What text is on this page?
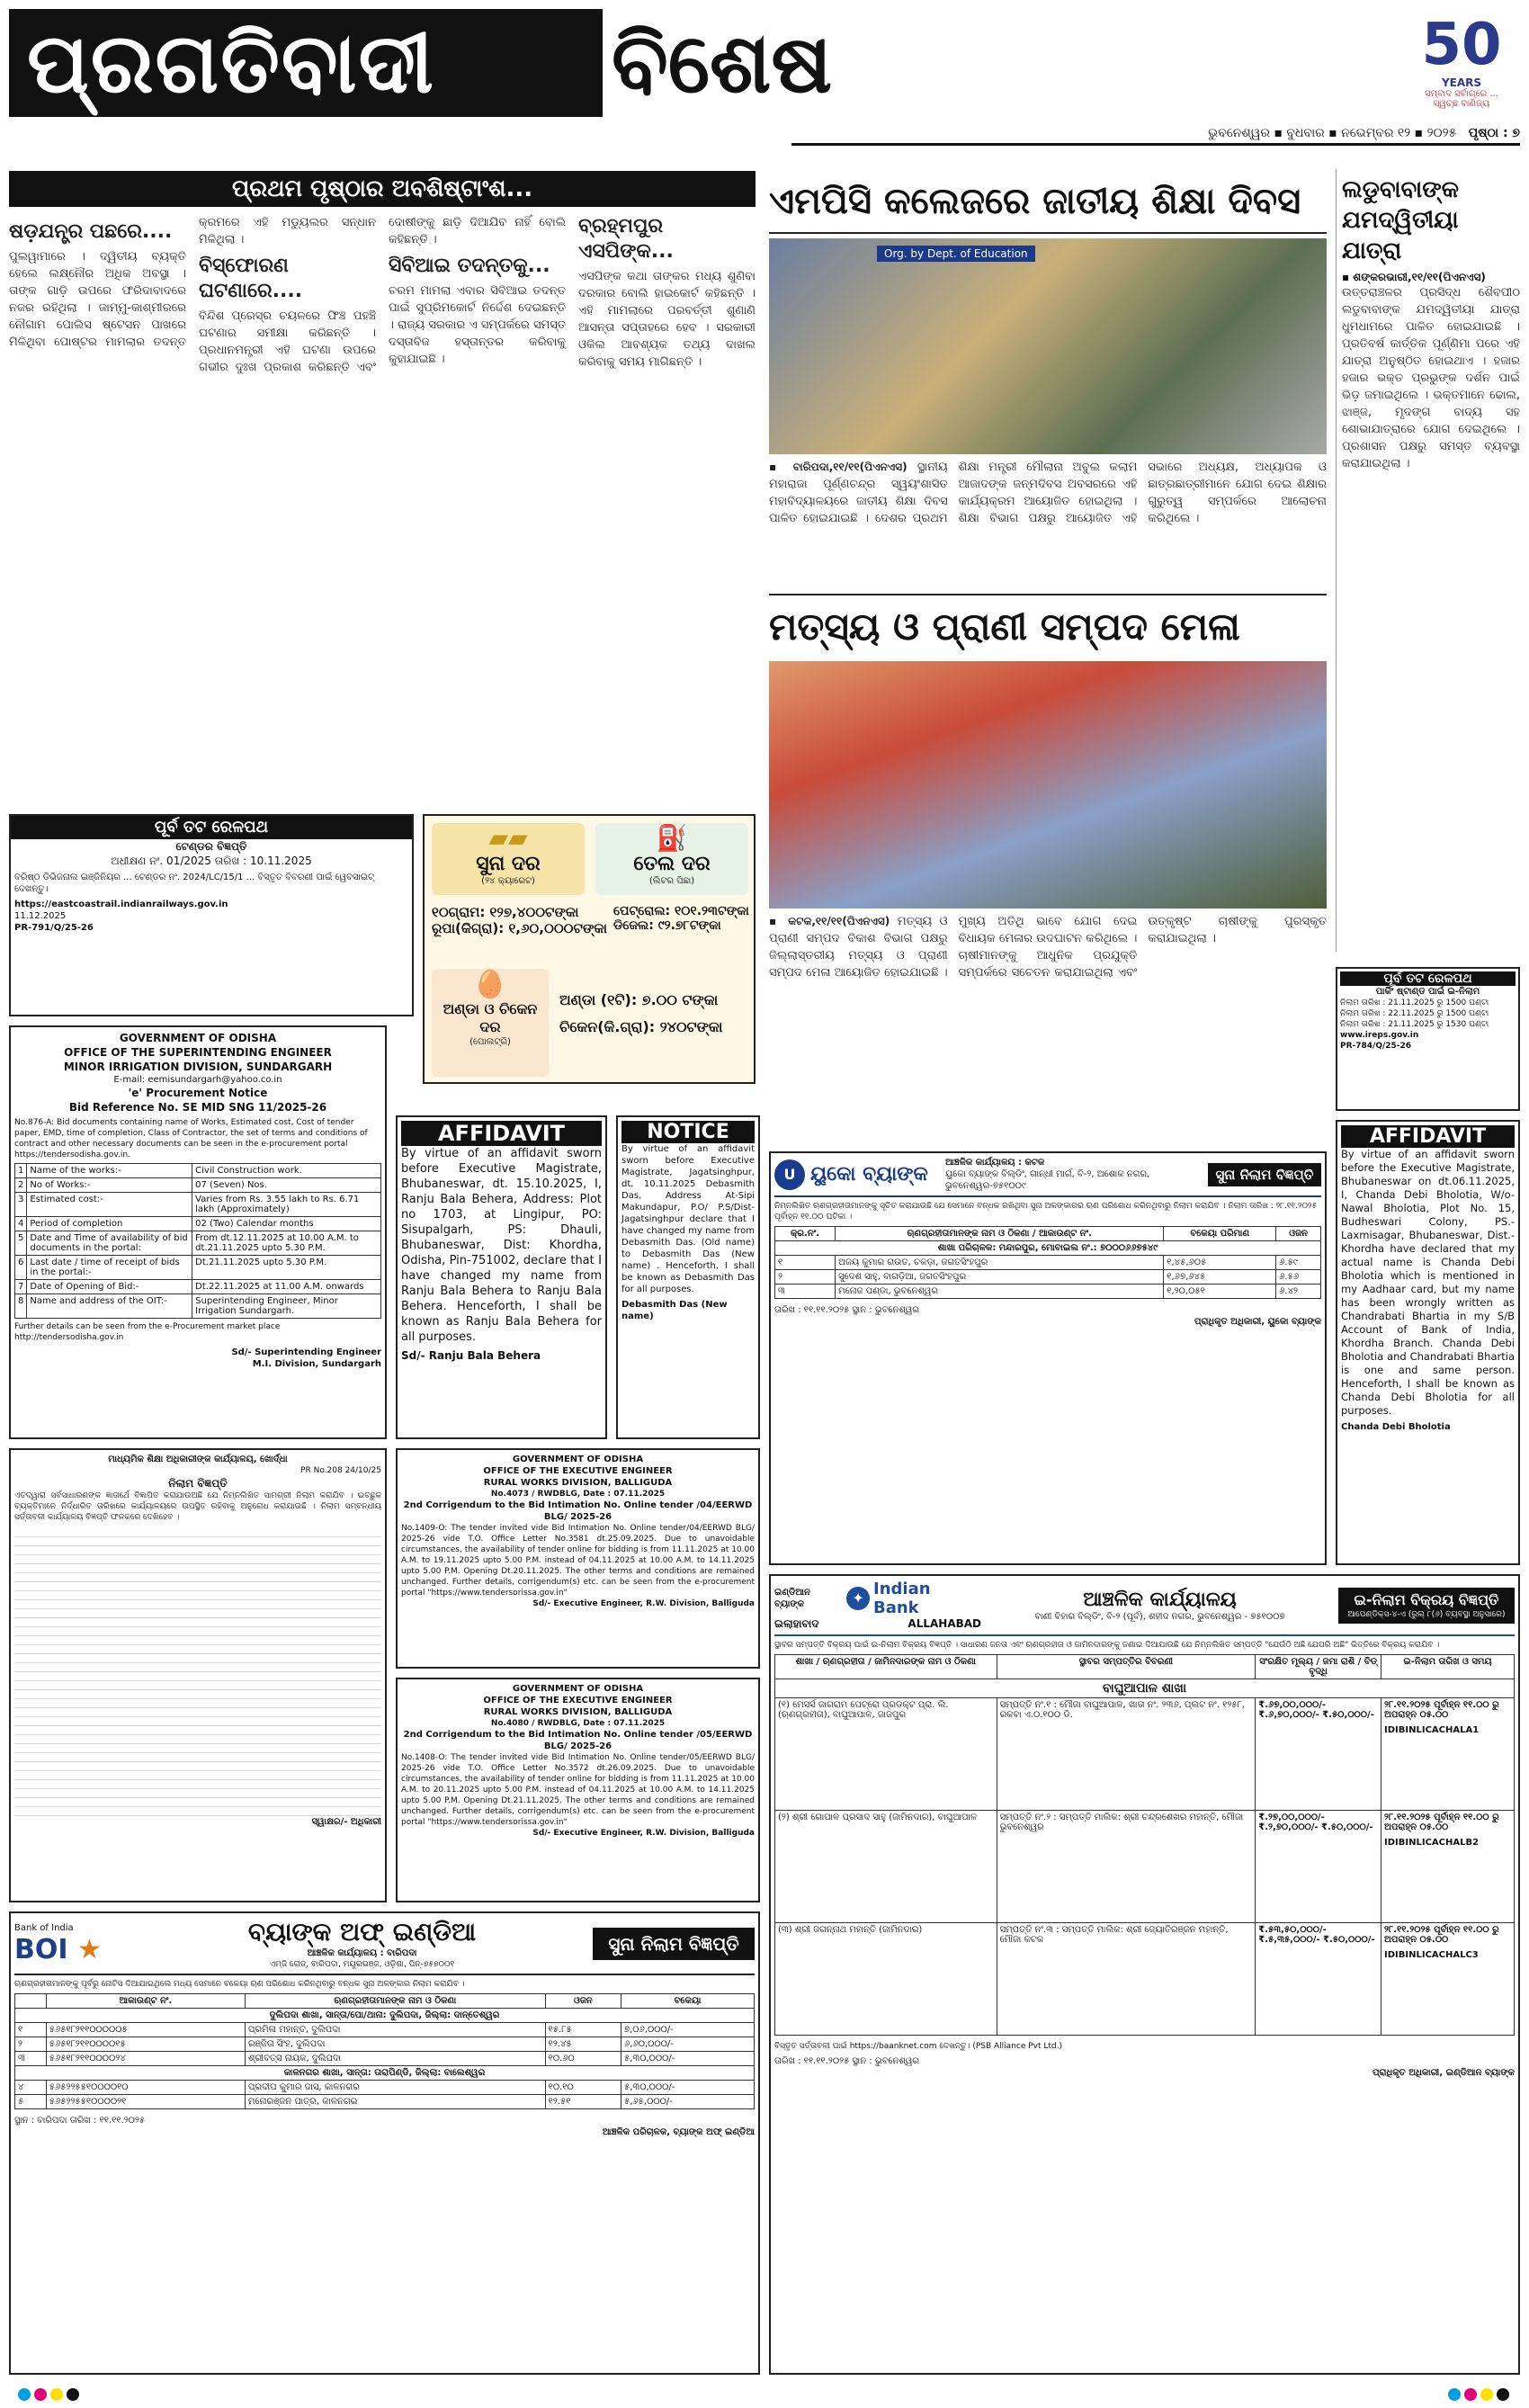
ପ୍ରଗତିବାଦୀ	ବିଶେଷ	50
YEARS
ସମ୍ବାଦ ସର୍ବାଗ୍ରେ ... ସ୍ୱଚ୍ଛ ବାଣିଜ୍ୟ
ଭୁବନେଶ୍ୱର ▪ ବୁଧବାର ▪ ନଭେମ୍ବର ୧୨ ▪ ୨୦୨୫ ପୃଷ୍ଠା : ୭
ପ୍ରଥମ ପୃଷ୍ଠାର ଅବଶିଷ୍ଟାଂଶ...
ଷଡ଼ଯନ୍ତ୍ର ପଛରେ....

ପୁଲୱାମାରେ । ଦ୍ୱିତୀୟ ବ୍ୟକ୍ତି ହେଲେ ଲକ୍ଷ୍ନୌର ଅଧିକ ଅବସ୍ଥା । ତାଙ୍କ ଗାଡ଼ି ଉପରେ ଫରିଦାବାଦରେ ନଜର ରହିଥିଲା । ଜାମ୍ମୁ-କାଶ୍ମୀରରେ ନୌଗାମ ପୋଲିସ ଷ୍ଟେସନ ପାଖରେ ମିଳିଥିବା ପୋଷ୍ଟର ମାମଲାର ତଦନ୍ତ କ୍ରମରେ ଏହି ମଡ୍ୟୁଲର ସନ୍ଧାନ ମିଳିଥିଲା ।

ବିସ୍ଫୋରଣ ଘଟଣାରେ....

ବିନ୍ଦିଶ ପ୍ରେସ୍‌ର ଚୟଳରେ ଫିଞ୍ଚ ପହଞ୍ଚି ଘଟଣାର ସମୀକ୍ଷା କରିଛନ୍ତି । ପ୍ରଧାନମନ୍ତ୍ରୀ ଏହି ଘଟଣା ଉପରେ ଗଭୀର ଦୁଃଖ ପ୍ରକାଶ କରିଛନ୍ତି ଏବଂ ଦୋଷୀଙ୍କୁ ଛାଡ଼ି ଦିଆଯିବ ନାହିଁ ବୋଲି କହିଛନ୍ତି ।

ସିବିଆଇ ତଦନ୍ତକୁ...

ଚରମ ମାମଲା ଏବାର ସିବିଆଇ ତଦନ୍ତ ପାଇଁ ସୁପ୍ରିମକୋର୍ଟ ନିର୍ଦ୍ଦେଶ ଦେଇଛନ୍ତି । ରାଜ୍ୟ ସରକାର ଏ ସମ୍ପର୍କରେ ସମସ୍ତ ଦସ୍ତାବିଜ ହସ୍ତାନ୍ତର କରିବାକୁ କୁହାଯାଇଛି ।

ବ୍ରହ୍ମପୁର ଏସପିଙ୍କ...

ଏସପିଙ୍କ କଥା ତାଙ୍କର ମଧ୍ୟ ଶୁଣିବା ଦରକାର ବୋଲି ହାଇକୋର୍ଟ କହିଛନ୍ତି । ଏହି ମାମଲାରେ ପରବର୍ତ୍ତୀ ଶୁଣାଣି ଆସନ୍ତା ସପ୍ତାହରେ ହେବ । ସରକାରୀ ଓକିଲ ଆବଶ୍ୟକ ତଥ୍ୟ ଦାଖଲ କରିବାକୁ ସମୟ ମାଗିଛନ୍ତି ।

ଏମପିସି କଲେଜରେ ଜାତୀୟ ଶିକ୍ଷା ଦିବସ
Org. by Dept. of Education
▪ ବାରିପଦା,୧୧/୧୧(ପିଏନଏସ) ସ୍ଥାନୀୟ ମହାରାଜା ପୂର୍ଣ୍ଣଚନ୍ଦ୍ର ସ୍ୱୟଂଶାସିତ ମହାବିଦ୍ୟାଳୟରେ ଜାତୀୟ ଶିକ୍ଷା ଦିବସ ପାଳିତ ହୋଇଯାଇଛି । ଦେଶର ପ୍ରଥମ ଶିକ୍ଷା ମନ୍ତ୍ରୀ ମୌଲାନା ଅବୁଲ କଲାମ ଆଜାଦଙ୍କ ଜନ୍ମଦିବସ ଅବସରରେ ଏହି କାର୍ଯ୍ୟକ୍ରମ ଆୟୋଜିତ ହୋଇଥିଲା । ଶିକ୍ଷା ବିଭାଗ ପକ୍ଷରୁ ଆୟୋଜିତ ଏହି ସଭାରେ ଅଧ୍ୟକ୍ଷ, ଅଧ୍ୟାପକ ଓ ଛାତ୍ରଛାତ୍ରୀମାନେ ଯୋଗ ଦେଇ ଶିକ୍ଷାର ଗୁରୁତ୍ୱ ସମ୍ପର୍କରେ ଆଲୋଚନା କରିଥିଲେ ।
ଲଡୁବାବାଙ୍କ ଯମଦ୍ୱିତୀୟା ଯାତ୍ରା
▪ ଶଙ୍କରଭାରୀ,୧୧/୧୧(ପିଏନଏସ)
ଉତ୍ତରାଞ୍ଚଳର ପ୍ରସିଦ୍ଧ ଶୈବପୀଠ ଲଡୁବାବାଙ୍କ ଯମଦ୍ୱିତୀୟା ଯାତ୍ରା ଧୁମଧାମରେ ପାଳିତ ହୋଇଯାଇଛି । ପ୍ରତିବର୍ଷ କାର୍ତ୍ତିକ ପୂର୍ଣ୍ଣିମା ପରେ ଏହି ଯାତ୍ରା ଅନୁଷ୍ଠିତ ହୋଇଥାଏ । ହଜାର ହଜାର ଭକ୍ତ ପ୍ରଭୁଙ୍କ ଦର୍ଶନ ପାଇଁ ଭିଡ଼ ଜମାଇଥିଲେ । ଭକ୍ତମାନେ ଢୋଲ, ଝାଞ୍ଜ, ମୃଦଙ୍ଗ ବାଦ୍ୟ ସହ ଶୋଭାଯାତ୍ରାରେ ଯୋଗ ଦେଇଥିଲେ । ପ୍ରଶାସନ ପକ୍ଷରୁ ସମସ୍ତ ବ୍ୟବସ୍ଥା କରାଯାଇଥିଲା ।
ମତ୍ସ୍ୟ ଓ ପ୍ରାଣୀ ସମ୍ପଦ ମେଳା
▪ କଟକ,୧୧/୧୧(ପିଏନଏସ) ମତ୍ସ୍ୟ ଓ ପ୍ରାଣୀ ସମ୍ପଦ ବିକାଶ ବିଭାଗ ପକ୍ଷରୁ ଜିଲ୍ଲାସ୍ତରୀୟ ମତ୍ସ୍ୟ ଓ ପ୍ରାଣୀ ସମ୍ପଦ ମେଳା ଆୟୋଜିତ ହୋଇଯାଇଛି । ମୁଖ୍ୟ ଅତିଥି ଭାବେ ଯୋଗ ଦେଇ ବିଧାୟକ ମେଳାର ଉଦଘାଟନ କରିଥିଲେ । ଚାଷୀମାନଙ୍କୁ ଆଧୁନିକ ପ୍ରଯୁକ୍ତି ସମ୍ପର୍କରେ ସଚେତନ କରାଯାଇଥିଲା ଏବଂ ଉତ୍କୃଷ୍ଟ ଚାଷୀଙ୍କୁ ପୁରସ୍କୃତ କରାଯାଇଥିଲା ।
▰▰
ସୁନା ଦର
(୨୪ କ୍ୟାରେଟ)
⛽
ତେଲ ଦର
(ଲିଟର ପିଛା)
୧୦ଗ୍ରାମ: ୧୨୭,୪୦୦ଟଙ୍କା
ରୂପା(କିଗ୍ରା): ୧,୬୦,୦୦୦ଟଙ୍କା
ପେଟ୍ରୋଲ: ୧୦୧.୨୩ଟଙ୍କା
ଡିଜେଲ: ୯୨.୭୮ଟଙ୍କା
🥚
ଅଣ୍ଡା ଓ ଚିକେନ ଦର
(ପୋଲଟ୍ରି)
ଅଣ୍ଡା (୧ଟି): ୭.୦୦ ଟଙ୍କା
ଚିକେନ(କି.ଗ୍ରା): ୨୪୦ଟଙ୍କା
ପୂର୍ବ ତଟ ରେଳପଥ
ଟେଣ୍ଡର ବିଜ୍ଞପ୍ତି
ଅଧୀକ୍ଷଣ ନଂ. 01/2025 ତାରିଖ : 10.11.2025
ବରିଷ୍ଠ ଡିଭିଜନାଲ ଇଞ୍ଜିନିୟର ... ଟେଣ୍ଡର ନଂ. 2024/LC/15/1 ... ବିସ୍ତୃତ ବିବରଣୀ ପାଇଁ ୱେବସାଇଟ୍‌ ଦେଖନ୍ତୁ।
https://eastcoastrail.indianrailways.gov.in
11.12.2025
PR-791/Q/25-26
GOVERNMENT OF ODISHA
OFFICE OF THE SUPERINTENDING ENGINEER
MINOR IRRIGATION DIVISION, SUNDARGARH
E-mail: eemisundargarh@yahoo.co.in
'e' Procurement Notice
Bid Reference No. SE MID SNG 11/2025-26
No.876-A: Bid documents containing name of Works, Estimated cost, Cost of tender paper, EMD, time of completion, Class of Contractor, the set of terms and conditions of contract and other necessary documents can be seen in the e-procurement portal https://tendersodisha.gov.in.
1	Name of the works:-	Civil Construction work.
2	No of Works:-	07 (Seven) Nos.
3	Estimated cost:-	Varies from Rs. 3.55 lakh to Rs. 6.71 lakh (Approximately)
4	Period of completion	02 (Two) Calendar months
5	Date and Time of availability of bid documents in the portal:	From dt.12.11.2025 at 10.00 A.M. to dt.21.11.2025 upto 5.30 P.M.
6	Last date / time of receipt of bids in the portal:-	Dt.21.11.2025 upto 5.30 P.M.
7	Date of Opening of Bid:-	Dt.22.11.2025 at 11.00 A.M. onwards
8	Name and address of the OIT:-	Superintending Engineer, Minor Irrigation Sundargarh.
Further details can be seen from the e-Procurement market place http://tendersodisha.gov.in
Sd/- Superintending Engineer
M.I. Division, Sundargarh
AFFIDAVIT
By virtue of an affidavit sworn before Executive Magistrate, Bhubaneswar, dt. 15.10.2025, I, Ranju Bala Behera, Address: Plot no 1703, at Lingipur, PO: Sisupalgarh, PS: Dhauli, Bhubaneswar, Dist: Khordha, Odisha, Pin-751002, declare that I have changed my name from Ranju Bala Behera to Ranju Bala Behera. Henceforth, I shall be known as Ranju Bala Behera for all purposes.
Sd/- Ranju Bala Behera
NOTICE
By virtue of an affidavit sworn before Executive Magistrate, Jagatsinghpur, dt. 10.11.2025 Debasmith Das, Address At-Sipi Makundapur, P.O/ P.S/Dist-Jagatsinghpur declare that I have changed my name from Debasmith Das. (Old name) to Debasmith Das (New name) . Henceforth, I shall be known as Debasmith Das for all purposes.
Debasmith Das (New name)
U ୟୁକୋ ବ୍ୟାଙ୍କ
ଆଞ୍ଚଳିକ କାର୍ଯ୍ୟାଳୟ : କଟକ
ୟୁକୋ ବ୍ୟାଙ୍କ ବିଲ୍ଡିଂ, ଗାନ୍ଧୀ ମାର୍ଗ, ବି-୨, ଅଶୋକ ନଗର, ଭୁବନେଶ୍ୱର-୭୫୧୦୦୯
ସୁନା ନିଲାମ ବିଜ୍ଞପ୍ତି
ନିମ୍ନଲିଖିତ ଋଣଗ୍ରହୀତାମାନଙ୍କୁ ସୂଚିତ କରାଯାଉଛି ଯେ ସେମାନେ ବନ୍ଧକ ରଖିଥିବା ସୁନା ଅଳଙ୍କାରର ଋଣ ପରିଶୋଧ କରିନଥିବାରୁ ନିଲାମ କରାଯିବ । ନିଲାମ ତାରିଖ : ୨୮.୧୧.୨୦୨୫ ପୂର୍ବାହ୍ନ ୧୧.୦୦ ଘଟିକା ।
କ୍ର.ନଂ.	ଋଣଗ୍ରହୀତାମାନଙ୍କ ନାମ ଓ ଠିକଣା / ଆକାଉଣ୍ଟ ନଂ.	ବକେୟା ପରିମାଣ	ଓଜନ
ଶାଖା ପରିଚାଳକ: ମନ୍ଦାରପୁର, ମୋବାଇଲ ନଂ.: ୭୦୦୦୬୬୭୫୪୯			
୧	ଅଜୟ କୁମାର ରାଉତ, ଚକଡ଼ା, ଜଗତସିଂହପୁର	୧,୪୫,୬୦୫	୬.୫୯
୨	ସୁଦେଶ ସାହୁ, ବାଗଡ଼ିଆ, ଜଗତସିଂହପୁର	୧,୬୭,୬୪୫	୬.୫୬
୩	ମନୋଜ ପଣ୍ଡା, ଭୁବନେଶ୍ୱର	୧,୨୦,୦୫୧	୬.୪୨
ତାରିଖ : ୧୧.୧୧.୨୦୨୫ ସ୍ଥାନ : ଭୁବନେଶ୍ୱର
ପ୍ରାଧିକୃତ ଅଧିକାରୀ, ୟୁକୋ ବ୍ୟାଙ୍କ
ପୂର୍ବ ତଟ ରେଳପଥ
ପାର୍କିଂ ଷ୍ଟାଣ୍ଡ ପାଇଁ ଇ-ନିଲାମ
ନିଲାମ ତାରିଖ : 21.11.2025 ରୁ 1500 ଘଣ୍ଟା
ନିଲାମ ତାରିଖ : 22.11.2025 ରୁ 1500 ଘଣ୍ଟା
ନିଲାମ ତାରିଖ : 21.11.2025 ରୁ 1530 ଘଣ୍ଟା
www.ireps.gov.in
PR-784/Q/25-26
AFFIDAVIT
By virtue of an affidavit sworn before the Executive Magistrate, Bhubaneswar on dt.06.11.2025, I, Chanda Debi Bholotia, W/o-Nawal Bholotia, Plot No. 15, Budheswari Colony, PS.-Laxmisagar, Bhubaneswar, Dist.- Khordha have declared that my actual name is Chanda Debi Bholotia which is mentioned in my Aadhaar card, but my name has been wrongly written as Chandrabati Bhartia in my S/B Account of Bank of India, Khordha Branch. Chanda Debi Bholotia and Chandrabati Bhartia is one and same person. Henceforth, I shall be known as Chanda Debi Bholotia for all purposes.
Chanda Debi Bholotia
ମାଧ୍ୟମିକ ଶିକ୍ଷା ଅଧିକାରୀଙ୍କ କାର୍ଯ୍ୟାଳୟ, ଖୋର୍ଦ୍ଧା
PR No.208 24/10/25
ନିଲାମ ବିଜ୍ଞପ୍ତି
ଏତଦ୍ୱାରା ସର୍ବସାଧାରଣଙ୍କ ଜ୍ଞାତାର୍ଥେ ବିଜ୍ଞାପିତ କରାଯାଉଅଛି ଯେ ନିମ୍ନଲିଖିତ ସାମଗ୍ରୀ ନିଲାମ କରାଯିବ । ଇଚ୍ଛୁକ ବ୍ୟକ୍ତିମାନେ ନିର୍ଦ୍ଧାରିତ ତାରିଖରେ କାର୍ଯ୍ୟାଳୟରେ ଉପସ୍ଥିତ ରହିବାକୁ ଅନୁରୋଧ କରାଯାଉଛି । ନିଲାମ ସମ୍ବନ୍ଧୀୟ ସର୍ତ୍ତାବଳୀ କାର୍ଯ୍ୟାଳୟ ବିଜ୍ଞପ୍ତି ଫଳକରେ ଦେଖିହେବ ।
ସ୍ୱାକ୍ଷର/- ଅଧିକାରୀ
GOVERNMENT OF ODISHA
OFFICE OF THE EXECUTIVE ENGINEER
RURAL WORKS DIVISION, BALLIGUDA
No.4073 / RWDBLG, Date : 07.11.2025
2nd Corrigendum to the Bid Intimation No. Online tender /04/EERWD BLG/ 2025-26
No.1409-O: The tender invited vide Bid Intimation No. Online tender/04/EERWD BLG/ 2025-26 vide T.O. Office Letter No.3581 dt.25.09.2025. Due to unavoidable circumstances, the availability of tender online for bidding is from 11.11.2025 at 10.00 A.M. to 19.11.2025 upto 5.00 P.M. instead of 04.11.2025 at 10.00 A.M. to 14.11.2025 upto 5.00 P.M. Opening Dt.20.11.2025. The other terms and conditions are remained unchanged. Further details, corrigendum(s) etc. can be seen from the e-procurement portal "https://www.tendersorissa.gov.in"
Sd/- Executive Engineer, R.W. Division, Balliguda
GOVERNMENT OF ODISHA
OFFICE OF THE EXECUTIVE ENGINEER
RURAL WORKS DIVISION, BALLIGUDA
No.4080 / RWDBLG, Date : 07.11.2025
2nd Corrigendum to the Bid Intimation No. Online tender /05/EERWD BLG/ 2025-26
No.1408-O: The tender invited vide Bid Intimation No. Online tender/05/EERWD BLG/ 2025-26 vide T.O. Office Letter No.3572 dt.26.09.2025. Due to unavoidable circumstances, the availability of tender online for bidding is from 11.11.2025 at 10.00 A.M. to 20.11.2025 upto 5.00 P.M. instead of 04.11.2025 at 10.00 A.M. to 14.11.2025 upto 5.00 P.M. Opening Dt.21.11.2025. The other terms and conditions are remained unchanged. Further details, corrigendum(s) etc. can be seen from the e-procurement portal "https://www.tendersorissa.gov.in"
Sd/- Executive Engineer, R.W. Division, Balliguda
Bank of India
BOI ★
ବ୍ୟାଙ୍କ ଅଫ୍ ଇଣ୍ଡିଆ
ଆଞ୍ଚଳିକ କାର୍ଯ୍ୟାଳୟ : ବାରିପଦା
ଏମ୍‌ଜି ରୋଡ୍, ବାରିପଦା, ମୟୂରଭଞ୍ଜ, ଓଡ଼ିଶା, ପିନ୍-୭୫୭୦୦୧
ସୁନା ନିଲାମ ବିଜ୍ଞପ୍ତି
ଋଣଗ୍ରହୀତାମାନଙ୍କୁ ପୂର୍ବରୁ ନୋଟିସ ଦିଆଯାଇଥିଲେ ମଧ୍ୟ ସେମାନେ ବକେୟା ଋଣ ପରିଶୋଧ କରିନଥିବାରୁ ବନ୍ଧକ ସୁନା ଅଳଙ୍କାର ନିଲାମ କରାଯିବ ।
	ଆକାଉଣ୍ଟ ନଂ.	ଋଣଗ୍ରହୀତାମାନଙ୍କ ନାମ ଓ ଠିକଣା	ଓଜନ	ବକେୟା
ଦୁଲିପଦା ଶାଖା, ସାନ୍ତା/ପୋ/ଥାନା: ଦୁଲିପଦା, ଜିଲ୍ଲା: ଦାନ୍ତେଶ୍ୱର				
୧	୫୬୫୧୮୨୧୧୦୦୦୦୦୫	ପ୍ରମିଳା ମହାନ୍ତ, ଦୁଲିପଦା	୧୫.୮୫	୭,୦୬,୦୦୦/-
୨	୫୬୫୧୮୨୧୧୦୦୦୦୧୫	ରଞ୍ଜିତା ସିଂହ, ଦୁଲିପଦା	୧୨.୪୫	୬,୬୦,୦୦୦/-
୩	୫୬୫୧୮୨୧୧୦୦୦୦୨୪	ଶ୍ରୀବତ୍ସ ନାୟକ, ଦୁଲିପଦା	୧୦.୬୦	୫,୩୦,୦୦୦/-
କାଳନଗର ଶାଖା, ସାନ୍ତା: ତାରାପିଣ୍ଡି, ଜିଲ୍ଲା: ବାଲେଶ୍ୱର				
୪	୫୬୫୨୨୫୫୧୦୦୦୦୧୦	ପ୍ରଦୀପ କୁମାର ଦାସ, କାଳନଗର	୧୦.୧୦	୫,୩୦,୦୦୦/-
୫	୫୬୫୨୨୫୫୧୦୦୦୦୨୧	ମନୋରଞ୍ଜନ ପାତ୍ର, କାଳନଗର	୧୨.୫୧	୫,୬୫,୦୦୦/-
ସ୍ଥାନ : ବାରିପଦା ତାରିଖ : ୧୧.୧୧.୨୦୨୫
ଆଞ୍ଚଳିକ ପରିଚାଳକ, ବ୍ୟାଙ୍କ ଅଫ୍ ଇଣ୍ଡିଆ
ଇଣ୍ଡିଆନ ବ୍ୟାଙ୍କ	✦ Indian Bank
ଇଲାହାବାଦ	ALLAHABAD
ଆଞ୍ଚଳିକ କାର୍ଯ୍ୟାଳୟ
ବାଣୀ ବିହାର ବିଲ୍ଡିଂ, ବି-୨ (ପୂର୍ବ), ଶହୀଦ ନଗର, ଭୁବନେଶ୍ୱର - ୭୫୧୦୦୭
ଇ-ନିଲାମ ବିକ୍ରୟ ବିଜ୍ଞପ୍ତି
ଆପେଣ୍ଡିକ୍ସ-୪-ଏ (ରୁଲ୍ ୮(୬) ବ୍ୟବସ୍ଥା ଅନୁସାରେ)
ସ୍ଥାବର ସମ୍ପତ୍ତି ବିକ୍ରୟ ପାଇଁ ଇ-ନିଲାମ ବିକ୍ରୟ ବିଜ୍ଞପ୍ତି । ସାଧାରଣ ଜନତା ଏବଂ ଋଣଗ୍ରହୀତା ଓ ଜାମିନଦାରଙ୍କୁ ଜଣାଇ ଦିଆଯାଉଛି ଯେ ନିମ୍ନଲିଖିତ ସମ୍ପତ୍ତି "ଯେଉଁଠି ଅଛି ଯେପରି ଅଛି" ଭିତ୍ତିରେ ବିକ୍ରୟ କରାଯିବ ।
ଶାଖା / ଋଣଗ୍ରହୀତା / ଜାମିନଦାରଙ୍କ ନାମ ଓ ଠିକଣା	ସ୍ଥାବର ସମ୍ପତ୍ତିର ବିବରଣୀ	ସଂରକ୍ଷିତ ମୂଲ୍ୟ / ଜମା ରାଶି / ବିଡ୍ ବୃଦ୍ଧି	ଇ-ନିଲାମ ତାରିଖ ଓ ସମୟ
ବାଘୁଆପାଳ ଶାଖା			
(୧) ମେସର୍ସ ଜାଗରାମ ପେଟ୍ରୋ ପ୍ରଡକ୍ଟ ପ୍ରା. ଲି. (ଋଣଗ୍ରହୀତା), ବାଘୁଆପାଳ, ଜାଜପୁର	ସମ୍ପତ୍ତି ନଂ.୧ : ମୌଜା ବାଘୁଆପାଳ, ଖାତା ନଂ. ୨୩୬, ପ୍ଲଟ ନଂ. ୧୨୫୮, ରକବା ଏ.୦.୧୦୦ ଡି.	₹.୬୭,୦୦,୦୦୦/- ₹.୬,୭୦,୦୦୦/- ₹.୫୦,୦୦୦/-	୨୮.୧୧.୨୦୨୫ ପୂର୍ବାହ୍ନ ୧୧.୦୦ ରୁ ଅପରାହ୍ନ ୦୫.୦୦
IDIBINLICACHALA1

(୨) ଶ୍ରୀ ଗୋପାଳ ପ୍ରସାଦ ସାହୁ (ଜାମିନଦାର), ବାଘୁଆପାଳ	ସମ୍ପତ୍ତି ନଂ.୨ : ସମ୍ପତ୍ତି ମାଲିକ: ଶ୍ରୀ ଚନ୍ଦ୍ରଶେଖର ମହାନ୍ତି, ମୌଜା ଭୁବନେଶ୍ୱର	₹.୨୭,୦୦,୦୦୦/- ₹.୨,୭୦,୦୦୦/- ₹.୫୦,୦୦୦/-	୨୮.୧୧.୨୦୨୫ ପୂର୍ବାହ୍ନ ୧୧.୦୦ ରୁ ଅପରାହ୍ନ ୦୫.୦୦
IDIBINLICACHALB2

(୩) ଶ୍ରୀ ଜଗନ୍ନାଥ ମହାନ୍ତି (ଜାମିନଦାର)	ସମ୍ପତ୍ତି ନଂ.୩ : ସମ୍ପତ୍ତି ମାଲିକ: ଶ୍ରୀ ଜ୍ୟୋତିରଞ୍ଜନ ମହାନ୍ତି, ମୌଜା କଟକ	₹.୫୩,୫୦,୦୦୦/- ₹.୫,୩୫,୦୦୦/- ₹.୫୦,୦୦୦/-	୨୮.୧୧.୨୦୨୫ ପୂର୍ବାହ୍ନ ୧୧.୦୦ ରୁ ଅପରାହ୍ନ ୦୫.୦୦
IDIBINLICACHALC3
ବିସ୍ତୃତ ସର୍ତ୍ତାବଳୀ ପାଇଁ https://baanknet.com ଦେଖନ୍ତୁ। (PSB Alliance Pvt Ltd.)
ତାରିଖ : ୧୧.୧୧.୨୦୨୫ ସ୍ଥାନ : ଭୁବନେଶ୍ୱର
ପ୍ରାଧିକୃତ ଅଧିକାରୀ, ଇଣ୍ଡିଆନ ବ୍ୟାଙ୍କ
